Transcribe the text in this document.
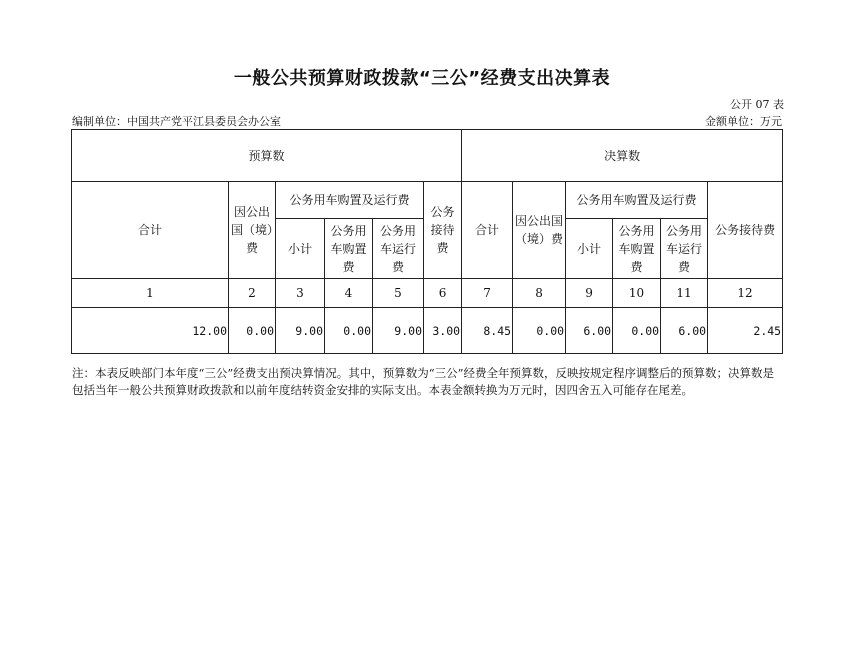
一般公共预算财政拨款“三公”经费支出决算表
公开 07 表
编制单位：中国共产党平江县委员会办公室	金额单位：万元
预算数						决算数					
合计	因公出国（境）费	公务用车购置及运行费			公务接待费	合计	因公出国（境）费	公务用车购置及运行费			公务接待费
		小计	公务用车购置费	公务用车运行费				小计	公务用车购置费	公务用车运行费	
1	2	3	4	5	6	7	8	9	10	11	12
12.00	0.00	9.00	0.00	9.00	3.00	8.45	0.00	6.00	0.00	6.00	2.45
注：本表反映部门本年度“三公”经费支出预决算情况。其中，预算数为“三公”经费全年预算数，反映按规定程序调整后的预算数；决算数是包括当年一般公共预算财政拨款和以前年度结转资金安排的实际支出。本表金额转换为万元时，因四舍五入可能存在尾差。
